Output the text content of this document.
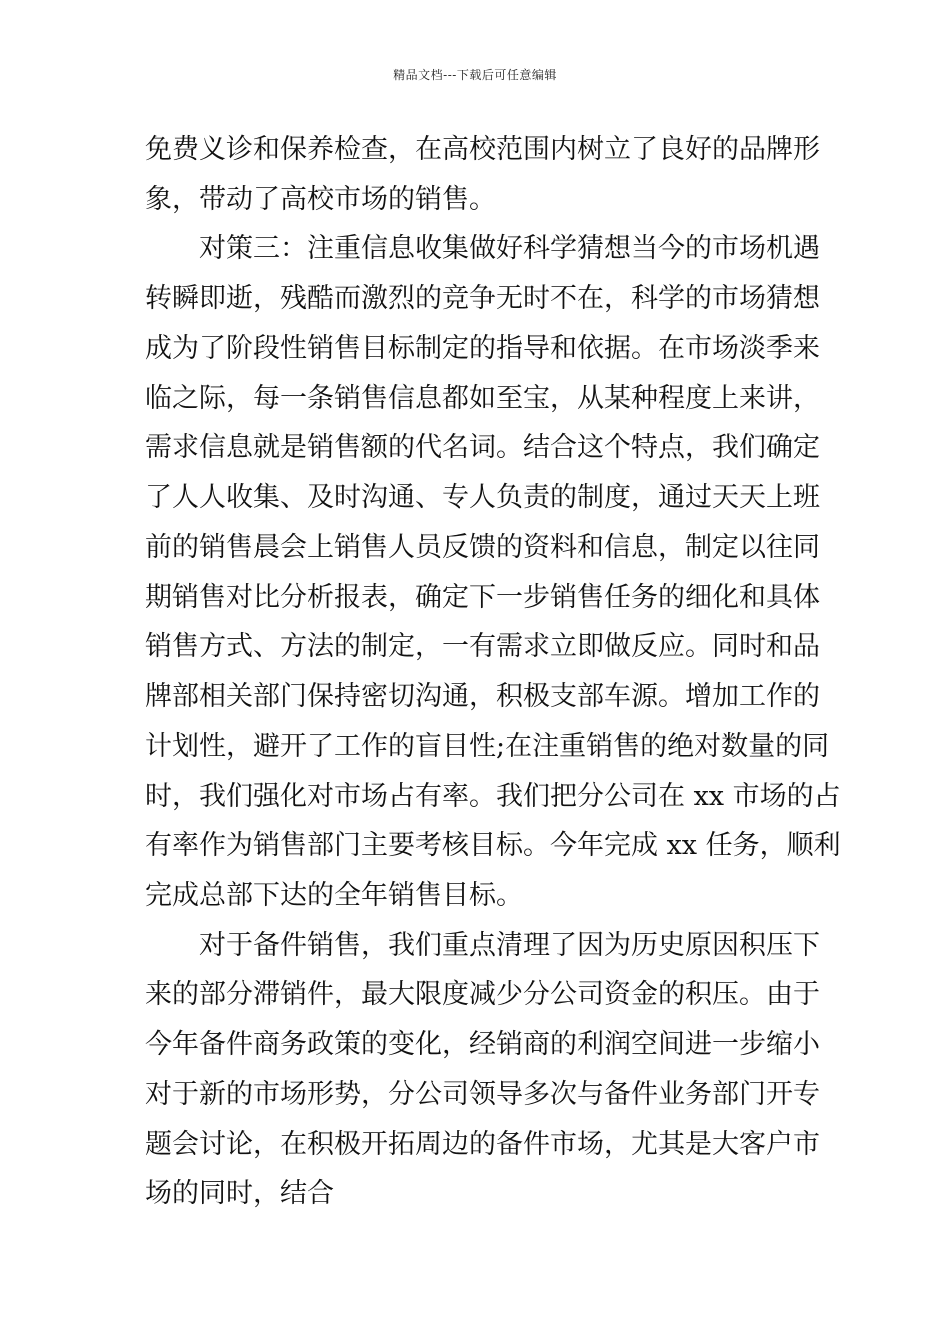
精品文档---下载后可任意编辑
免费义诊和保养检查，在高校范围内树立了良好的品牌形
象，带动了高校市场的销售。
对策三：注重信息收集做好科学猜想当今的市场机遇
转瞬即逝，残酷而激烈的竞争无时不在，科学的市场猜想
成为了阶段性销售目标制定的指导和依据。在市场淡季来
临之际，每一条销售信息都如至宝，从某种程度上来讲，
需求信息就是销售额的代名词。结合这个特点，我们确定
了人人收集、及时沟通、专人负责的制度，通过天天上班
前的销售晨会上销售人员反馈的资料和信息，制定以往同
期销售对比分析报表，确定下一步销售任务的细化和具体
销售方式、方法的制定，一有需求立即做反应。同时和品
牌部相关部门保持密切沟通，积极支部车源。增加工作的
计划性，避开了工作的盲目性;在注重销售的绝对数量的同
时，我们强化对市场占有率。我们把分公司在 xx 市场的占
有率作为销售部门主要考核目标。今年完成 xx 任务，顺利
完成总部下达的全年销售目标。
对于备件销售，我们重点清理了因为历史原因积压下
来的部分滞销件，最大限度减少分公司资金的积压。由于
今年备件商务政策的变化，经销商的利润空间进一步缩小
对于新的市场形势，分公司领导多次与备件业务部门开专
题会讨论，在积极开拓周边的备件市场，尤其是大客户市
场的同时，结合
